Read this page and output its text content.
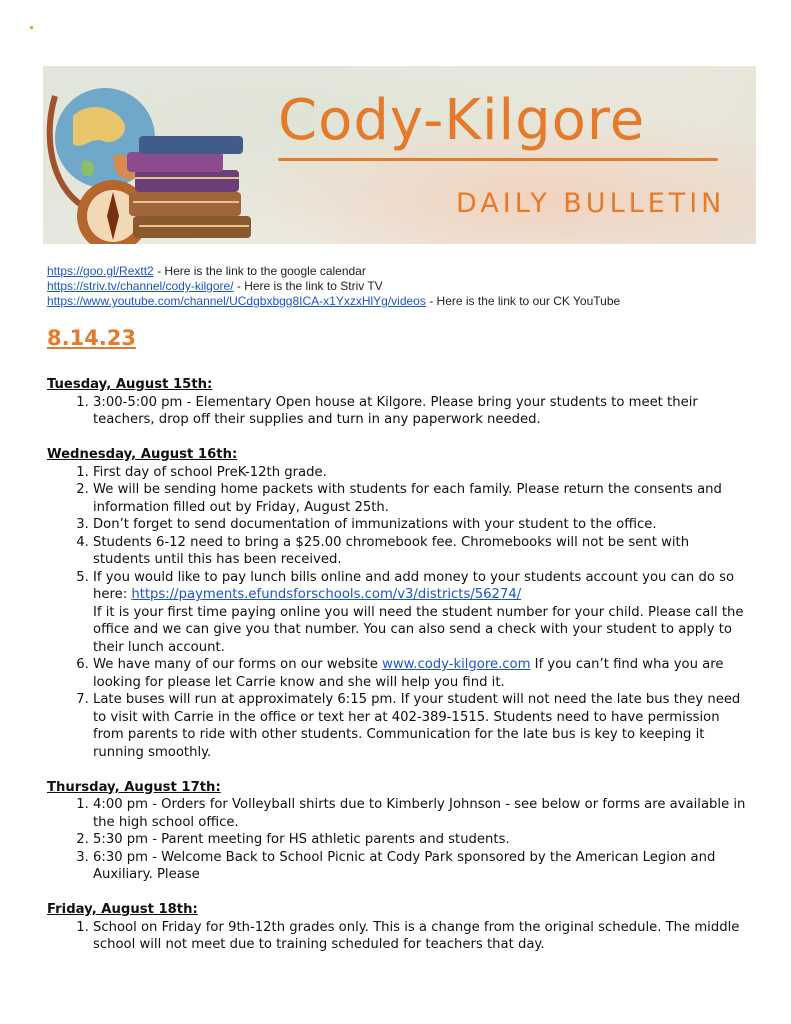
Cody-Kilgore
DAILY BULLETIN
https://goo.gl/Rextt2 - Here is the link to the google calendar
https://striv.tv/channel/cody-kilgore/ - Here is the link to Striv TV
https://www.youtube.com/channel/UCdgbxbgg8ICA-x1YxzxHlYg/videos - Here is the link to our CK YouTube
8.14.23

Tuesday, August 15th:

1. 3:00-5:00 pm - Elementary Open house at Kilgore. Please bring your students to meet their teachers, drop off their supplies and turn in any paperwork needed.

Wednesday, August 16th:

1. First day of school PreK-12th grade.
2. We will be sending home packets with students for each family. Please return the consents and information filled out by Friday, August 25th.
3. Don’t forget to send documentation of immunizations with your student to the office.
4. Students 6-12 need to bring a $25.00 chromebook fee. Chromebooks will not be sent with students until this has been received.
5. If you would like to pay lunch bills online and add money to your students account you can do so here: https://payments.efundsforschools.com/v3/districts/56274/
If it is your first time paying online you will need the student number for your child. Please call the office and we can give you that number. You can also send a check with your student to apply to their lunch account.
6. We have many of our forms on our website www.cody-kilgore.com If you can’t find wha you are looking for please let Carrie know and she will help you find it.
7. Late buses will run at approximately 6:15 pm. If your student will not need the late bus they need to visit with Carrie in the office or text her at 402-389-1515. Students need to have permission from parents to ride with other students. Communication for the late bus is key to keeping it running smoothly.

Thursday, August 17th:

1. 4:00 pm - Orders for Volleyball shirts due to Kimberly Johnson - see below or forms are available in the high school office.
2. 5:30 pm - Parent meeting for HS athletic parents and students.
3. 6:30 pm - Welcome Back to School Picnic at Cody Park sponsored by the American Legion and Auxiliary. Please

Friday, August 18th:

1. School on Friday for 9th-12th grades only. This is a change from the original schedule. The middle school will not meet due to training scheduled for teachers that day.
